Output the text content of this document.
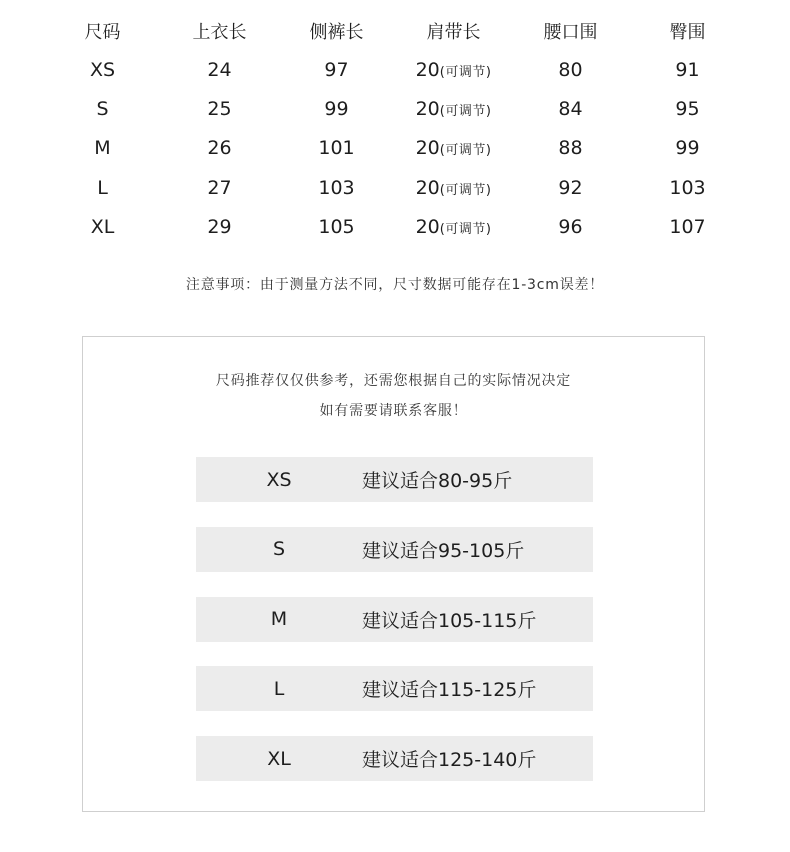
尺码	上衣长	侧裤长	肩带长	腰口围	臀围
XS	24	97	20(可调节)	80	91
S	25	99	20(可调节)	84	95
M	26	101	20(可调节)	88	99
L	27	103	20(可调节)	92	103
XL	29	105	20(可调节)	96	107
注意事项：由于测量方法不同，尺寸数据可能存在1-3cm误差！
尺码推荐仅仅供参考，还需您根据自己的实际情况决定
如有需要请联系客服！
XS	建议适合80-95斤
S	建议适合95-105斤
M	建议适合105-115斤
L	建议适合115-125斤
XL	建议适合125-140斤
